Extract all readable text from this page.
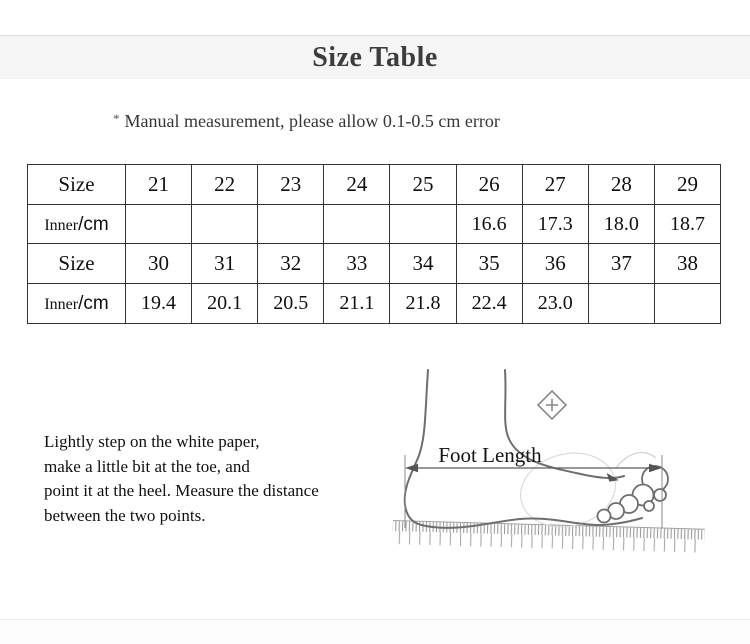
Size Table
* Manual measurement, please allow 0.1-0.5 cm error
Size	21	22	23	24	25	26	27	28	29
Inner/cm						16.6	17.3	18.0	18.7
Size	30	31	32	33	34	35	36	37	38
Inner/cm	19.4	20.1	20.5	21.1	21.8	22.4	23.0		
Lightly step on the white paper,
make a little bit at the toe, and
point it at the heel. Measure the distance
between the two points.
Foot Length
